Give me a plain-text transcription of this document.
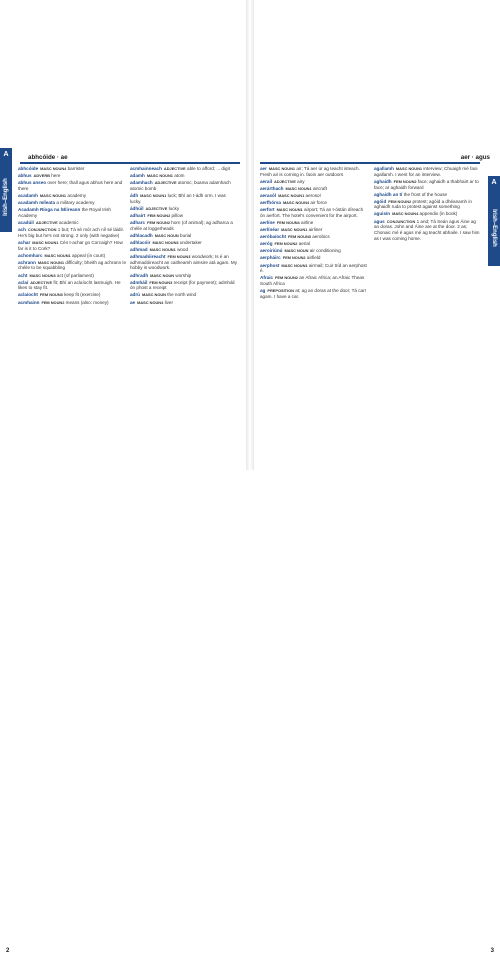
A	abhcóide · ae
Irish–English
abhcóide MASC NOUN4 barrister
abhus ADVERB here
abhus anseo over here; thall agus abhus here and there
acadamh MASC NOUN1 academy
acadamh míleata a military academy
Acadamh Ríoga na hÉireann the Royal Irish Academy
acadúil ADJECTIVE academic
ach CONJUNCTION 1 but; Tá sé mór ach níl sé láidir. He's big but he's not strong. 2 only (with negative)
achar MASC NOUN1 Cén t-achar go Corcaigh? How far is it to Cork?
achomharc MASC NOUN1 appeal (in court)
achrann MASC NOUN1 difficulty; bheith ag achrann le chéile to be squabbling
acht MASC NOUN3 act (of parliament)
aclaí ADJECTIVE fit; Bhí an aclaíocht lasmuigh. He likes to stay fit.
aclaíocht FEM NOUN3 keep fit (exercise)
acmhainn FEM NOUN2 means (also: money)
acmhainneach ADJECTIVE able to afford; ... digit
adamh MASC NOUN1 atom
adamhach ADJECTIVE atomic; buama adamhach atomic bomb
ádh MASC NOUN1 luck; Bhí an t-ádh orm. I was lucky.
ádhúil ADJECTIVE lucky
adhairt FEM NOUN2 pillow
adharc FEM NOUN2 horn (of animal); ag adharca a chéile at loggerheads
adhlacadh MASC NOUN burial
adhlacóir MASC NOUN3 undertaker
adhmad MASC NOUN1 wood
adhmadóireacht FEM NOUN3 woodwork; Is é an adhmadóireacht an caitheamh aimsire atá agam. My hobby is woodwork.
adhradh MASC NOUN worship
admháil FEM NOUN3 receipt (for payment); admháil ón phost a receipt
adrú MASC NOUN the north wind
ae MASC NOUN4 liver
A
aer · agus
Irish–English
aer MASC NOUN1 air; Tá aer úr ag teacht isteach. Fresh air is coming in. faoin aer outdoors
aeraíl ADJECTIVE airy
aerárthach MASC NOUN1 aircraft
aerasól MASC NOUN1 aerosol
aerfhórsa MASC NOUN4 air force
aerfort MASC NOUN1 airport; Tá an t-óstán díreach ón aerfort. The hotel's convenient for the airport.
aerlíne FEM NOUN4 airline
aerlínéar MASC NOUN1 airliner
aeróbaíocht FEM NOUN3 aerobics
aeróg FEM NOUN2 aerial
aeroiriúnú MASC NOUN air conditioning
aerpháirc FEM NOUN2 airfield
aerphost MASC NOUN1 airmail; Cuir tríd an aerphost é.
Afraic FEM NOUN2 an Afraic Africa; an Afraic Theas South Africa
ag PREPOSITION at; ag an doras at the door; Tá carr agam. I have a car.
agallamh MASC NOUN1 interview; Chuaigh mé faoi agallamh. I went for an interview.
aghaidh FEM NOUN2 face; aghaidh a thabhairt ar to face; ar aghaidh forward
aghaidh an tí the front of the house
agóid FEM NOUN2 protest; agóid a dhéanamh in aghaidh ruda to protest against something
aguisín MASC NOUN4 appendix (in book)
agus CONJUNCTION 1 and; Tá Seán agus Áine ag an doras. John and Áine are at the door. 2 as; Chonaic mé é agus mé ag teacht abhaile. I saw him as I was coming home.
2	3
